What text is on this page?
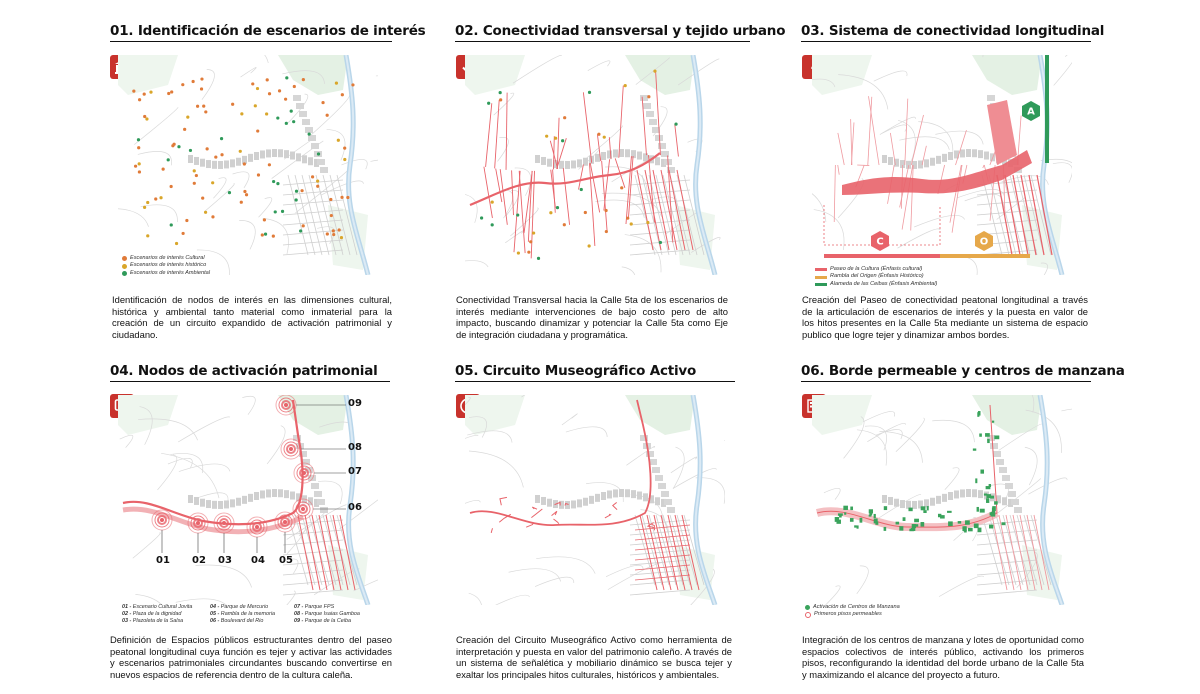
01. Identificación de escenarios de interés
Escenarios de interés Cultural
Escenarios de interés histórico
Escenarios de interés Ambiental
Identificación de nodos de interés en las dimensiones cultural, histórica y ambiental tanto material como inmaterial para la creación de un circuito expandido de activación patrimonial y ciudadano.
02. Conectividad transversal y tejido urbano
Conectividad Transversal hacia la Calle 5ta de los escenarios de interés mediante intervenciones de bajo costo pero de alto impacto, buscando dinamizar y potenciar la Calle 5ta como Eje de integración ciudadana y programática.
03. Sistema de conectividad longitudinal
C	O
A
Paseo de la Cultura (Énfasis cultural)
Rambla del Origen (Énfasis Histórico)
Alameda de las Ceibas (Énfasis Ambiental)
Creación del Paseo de conectividad peatonal longitudinal a través de la articulación de escenarios de interés y la puesta en valor de los hitos presentes en la Calle 5ta mediante un sistema de espacio publico que logre tejer y dinamizar ambos bordes.
04. Nodos de activación patrimonial
01 02 03 04 05
06
07
08
09
01 - Escenario Cultural Jovita	04 - Parque de Mercurio	07 - Parque FPS
02 - Plaza de la dignidad	05 - Rambla de la memoria	08 - Parque Isaias Gamboa
03 - Plazoleta de la Salsa	06 - Boulevard del Rio	09 - Parque de la Ceiba
Definición de Espacios públicos estructurantes dentro del paseo peatonal longitudinal cuya función es tejer y activar las actividades y escenarios patrimoniales circundantes buscando convertirse en nuevos espacios de referencia dentro de la cultura caleña.
05. Circuito Museográfico Activo
Creación del Circuito Museográfico Activo como herramienta de interpretación y puesta en valor del patrimonio caleño. A través de un sistema de señalética y mobiliario dinámico se busca tejer y exaltar los principales hitos culturales, históricos y ambientales.
06. Borde permeable y centros de manzana
Activación de Centros de Manzana
Primeros pisos permeables
Integración de los centros de manzana y lotes de oportunidad como espacios colectivos de interés público, activando los primeros pisos, reconfigurando la identidad del borde urbano de la Calle 5ta y maximizando el alcance del proyecto a futuro.
